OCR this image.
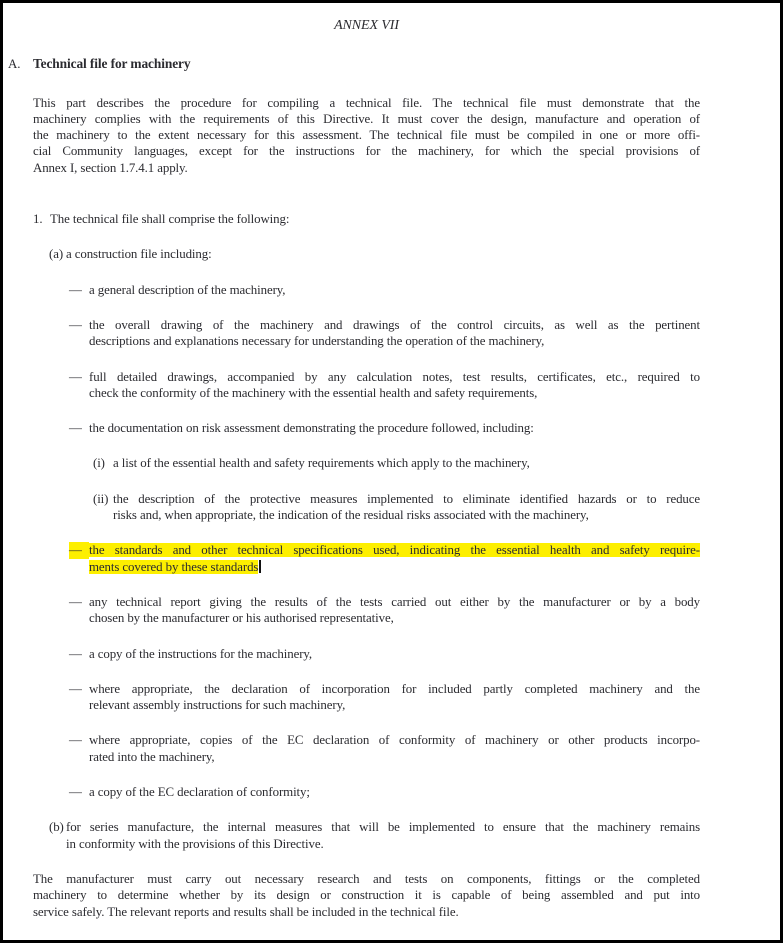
ANNEX VII
A. Technical file for machinery
This part describes the procedure for compiling a technical file. The technical file must demonstrate that the
machinery complies with the requirements of this Directive. It must cover the design, manufacture and operation of
the machinery to the extent necessary for this assessment. The technical file must be compiled in one or more offi-
cial Community languages, except for the instructions for the machinery, for which the special provisions of
Annex I, section 1.7.4.1 apply.
1. The technical file shall comprise the following:
(a) a construction file including:
— a general description of the machinery,
— the overall drawing of the machinery and drawings of the control circuits, as well as the pertinent
descriptions and explanations necessary for understanding the operation of the machinery,
— full detailed drawings, accompanied by any calculation notes, test results, certificates, etc., required to
check the conformity of the machinery with the essential health and safety requirements,
— the documentation on risk assessment demonstrating the procedure followed, including:
(i) a list of the essential health and safety requirements which apply to the machinery,
(ii) the description of the protective measures implemented to eliminate identified hazards or to reduce
risks and, when appropriate, the indication of the residual risks associated with the machinery,
— the standards and other technical specifications used, indicating the essential health and safety require-
ments covered by these standards
— any technical report giving the results of the tests carried out either by the manufacturer or by a body
chosen by the manufacturer or his authorised representative,
— a copy of the instructions for the machinery,
— where appropriate, the declaration of incorporation for included partly completed machinery and the
relevant assembly instructions for such machinery,
— where appropriate, copies of the EC declaration of conformity of machinery or other products incorpo-
rated into the machinery,
— a copy of the EC declaration of conformity;
(b) for series manufacture, the internal measures that will be implemented to ensure that the machinery remains
in conformity with the provisions of this Directive.
The manufacturer must carry out necessary research and tests on components, fittings or the completed
machinery to determine whether by its design or construction it is capable of being assembled and put into
service safely. The relevant reports and results shall be included in the technical file.
